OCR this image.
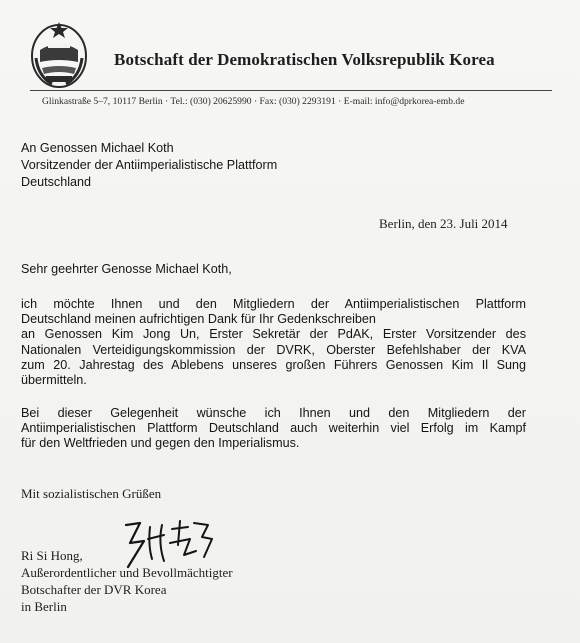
Botschaft der Demokratischen Volksrepublik Korea
Glinkastraße 5–7, 10117 Berlin · Tel.: (030) 20625990 · Fax: (030) 2293191 · E-mail: info@dprkorea-emb.de
An Genossen Michael Koth
Vorsitzender der Antiimperialistische Plattform
Deutschland
Berlin, den 23. Juli 2014
Sehr geehrter Genosse Michael Koth,
ich möchte Ihnen und den Mitgliedern der Antiimperialistischen Plattform
Deutschland meinen aufrichtigen Dank für Ihr Gedenkschreiben
an Genossen Kim Jong Un, Erster Sekretär der PdAK, Erster Vorsitzender des
Nationalen Verteidigungskommission der DVRK, Oberster Befehlshaber der KVA
zum 20. Jahrestag des Ablebens unseres großen Führers Genossen Kim Il Sung
übermitteln.
Bei dieser Gelegenheit wünsche ich Ihnen und den Mitgliedern der
Antiimperialistischen Plattform Deutschland auch weiterhin viel Erfolg im Kampf
für den Weltfrieden und gegen den Imperialismus.
Mit sozialistischen Grüßen
Ri Si Hong,
Außerordentlicher und Bevollmächtigter
Botschafter der DVR Korea
in Berlin
